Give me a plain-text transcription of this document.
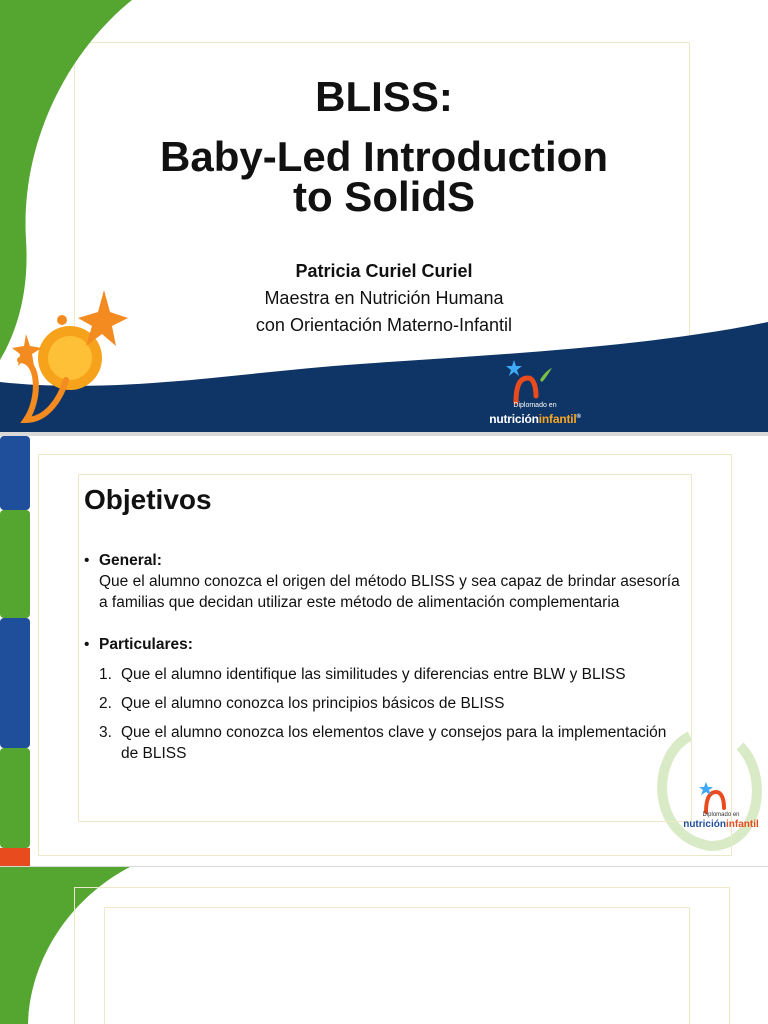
BLISS:
Baby-Led Introduction
to SolidS
Patricia Curiel Curiel
Maestra en Nutrición Humana
con Orientación Materno-Infantil
Diplomado en
nutricióninfantil®
Objetivos
• General:
Que el alumno conozca el origen del método BLISS y sea capaz de brindar asesoría a familias que decidan utilizar este método de alimentación complementaria
• Particulares:
1. Que el alumno identifique las similitudes y diferencias entre BLW y BLISS
2. Que el alumno conozca los principios básicos de BLISS
3. Que el alumno conozca los elementos clave y consejos para la implementación de BLISS
Diplomado en
nutricióninfantil
